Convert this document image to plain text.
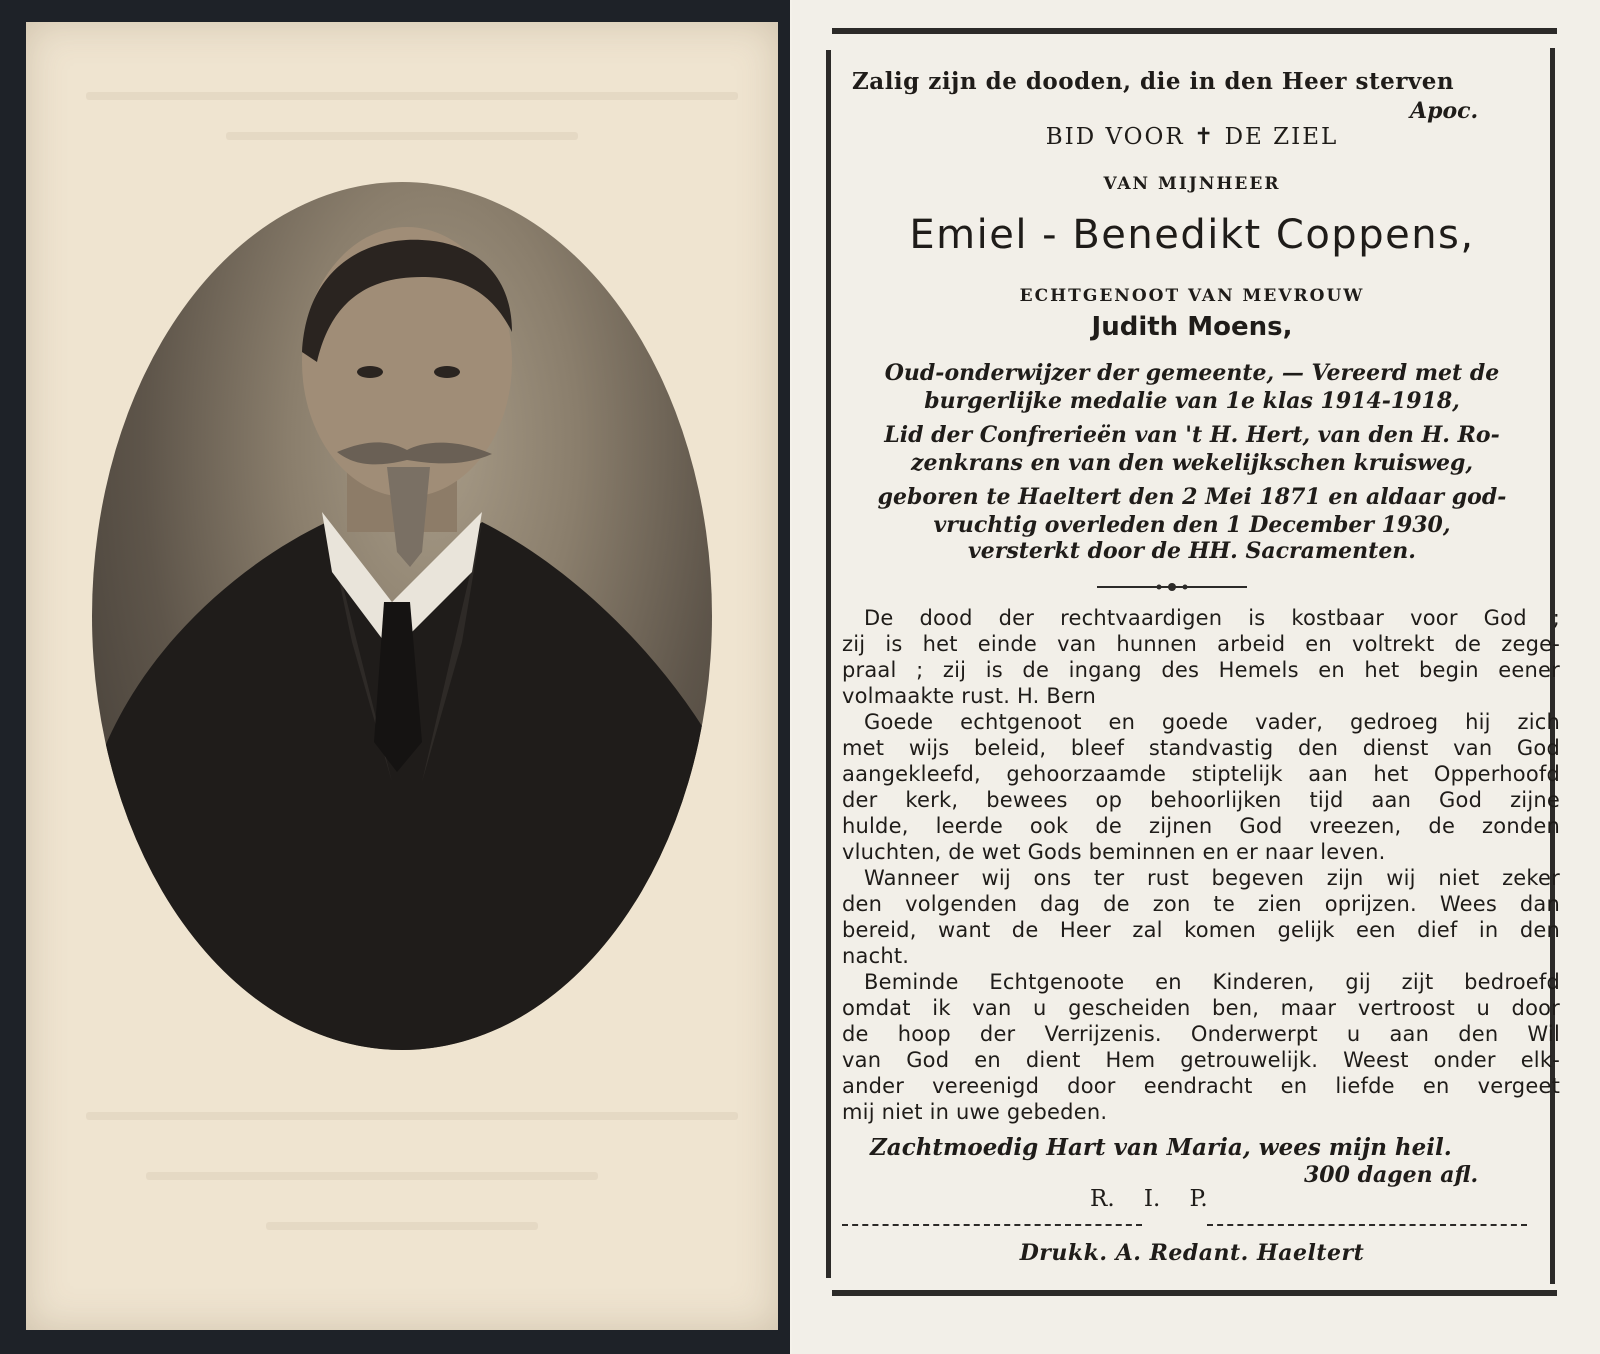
Zalig zijn de dooden, die in den Heer sterven

Apoc.

BID VOOR ✝ DE ZIEL

VAN MIJNHEER

Emiel - Benedikt Coppens,

ECHTGENOOT VAN MEVROUW

Judith Moens,

Oud-onderwijzer der gemeente, — Vereerd met de

burgerlijke medalie van 1e klas 1914-1918,

Lid der Confrerieën van 't H. Hert, van den H. Ro-

zenkrans en van den wekelijkschen kruisweg,

geboren te Haeltert den 2 Mei 1871 en aldaar god-

vruchtig overleden den 1 December 1930,

versterkt door de HH. Sacramenten.

De dood der rechtvaardigen is kostbaar voor God ;

zij is het einde van hunnen arbeid en voltrekt de zege-

praal ; zij is de ingang des Hemels en het begin eener

volmaakte rust. H. Bern

Goede echtgenoot en goede vader, gedroeg hij zich

met wijs beleid, bleef standvastig den dienst van God

aangekleefd, gehoorzaamde stiptelijk aan het Opperhoofd

der kerk, bewees op behoorlijken tijd aan God zijne

hulde, leerde ook de zijnen God vreezen, de zonden

vluchten, de wet Gods beminnen en er naar leven.

Wanneer wij ons ter rust begeven zijn wij niet zeker

den volgenden dag de zon te zien oprijzen. Wees dan

bereid, want de Heer zal komen gelijk een dief in den

nacht.

Beminde Echtgenoote en Kinderen, gij zijt bedroefd

omdat ik van u gescheiden ben, maar vertroost u door

de hoop der Verrijzenis. Onderwerpt u aan den Wil

van God en dient Hem getrouwelijk. Weest onder elk-

ander vereenigd door eendracht en liefde en vergeet

mij niet in uwe gebeden.

Zachtmoedig Hart van Maria, wees mijn heil.

300 dagen afl.

R.    I.    P.

Drukk. A. Redant. Haeltert
